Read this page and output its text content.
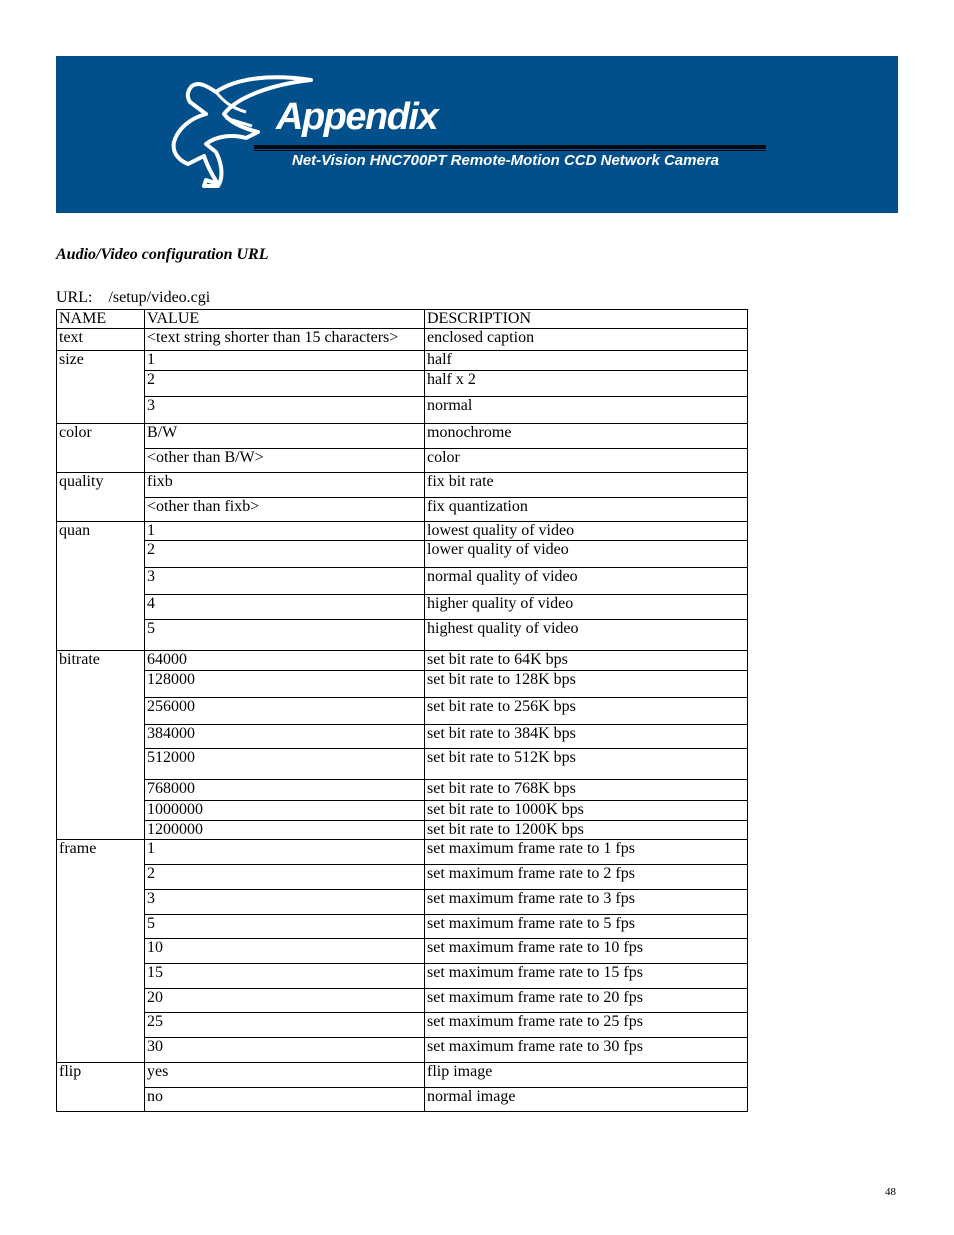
Appendix
Net-Vision HNC700PT Remote-Motion CCD Network Camera
Audio/Video configuration URL
URL: /setup/video.cgi
NAME	VALUE	DESCRIPTION
text	<text string shorter than 15 characters>	enclosed caption
size	1	half
	2	half x 2
	3	normal
color	B/W	monochrome
	<other than B/W>	color
quality	fixb	fix bit rate
	<other than fixb>	fix quantization
quan	1	lowest quality of video
	2	lower quality of video
	3	normal quality of video
	4	higher quality of video
	5	highest quality of video
bitrate	64000	set bit rate to 64K bps
	128000	set bit rate to 128K bps
	256000	set bit rate to 256K bps
	384000	set bit rate to 384K bps
	512000	set bit rate to 512K bps
	768000	set bit rate to 768K bps
	1000000	set bit rate to 1000K bps
	1200000	set bit rate to 1200K bps
frame	1	set maximum frame rate to 1 fps
	2	set maximum frame rate to 2 fps
	3	set maximum frame rate to 3 fps
	5	set maximum frame rate to 5 fps
	10	set maximum frame rate to 10 fps
	15	set maximum frame rate to 15 fps
	20	set maximum frame rate to 20 fps
	25	set maximum frame rate to 25 fps
	30	set maximum frame rate to 30 fps
flip	yes	flip image
	no	normal image
48
